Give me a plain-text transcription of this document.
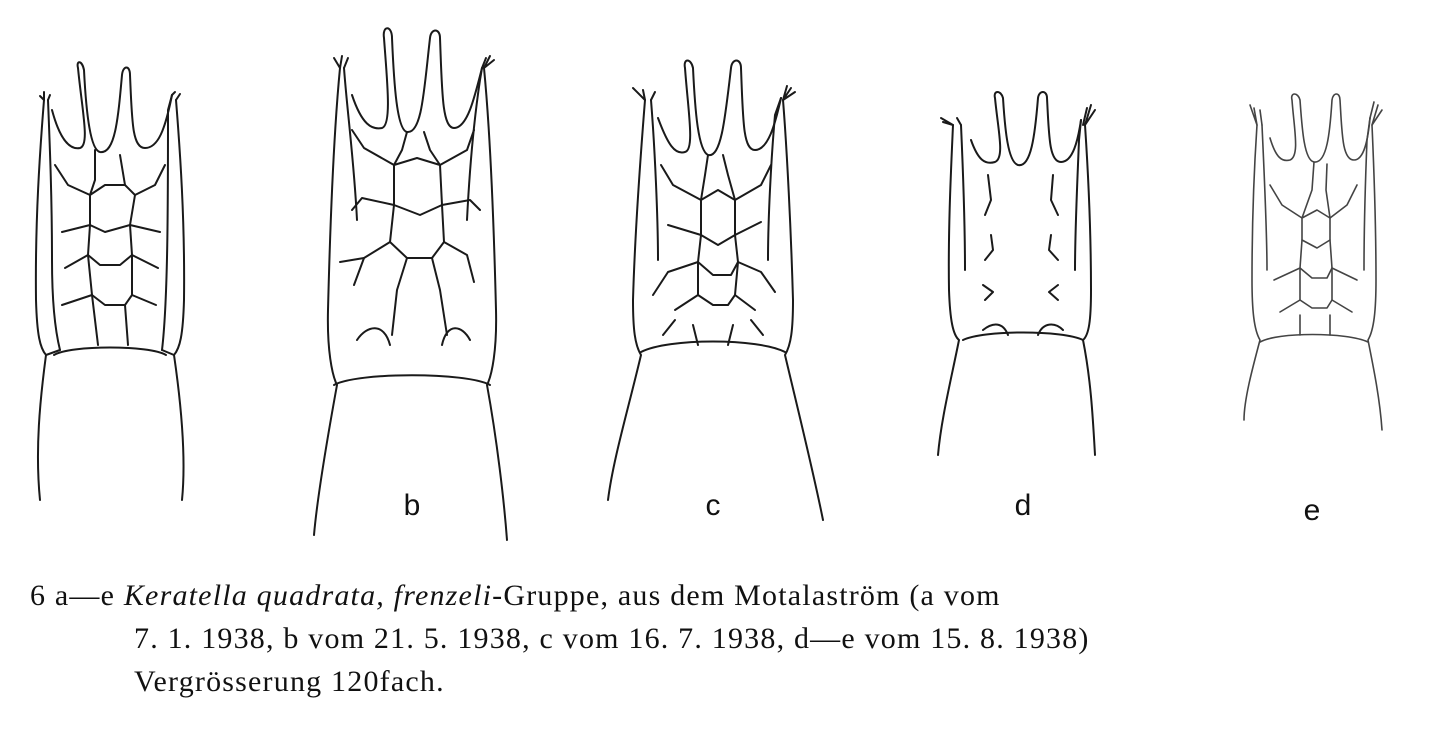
b	c	d	e
6 a—e Keratella quadrata, frenzeli-Gruppe, aus dem Motalaström (a vom
7. 1. 1938, b vom 21. 5. 1938, c vom 16. 7. 1938, d—e vom 15. 8. 1938)
Vergrösserung 120fach.
